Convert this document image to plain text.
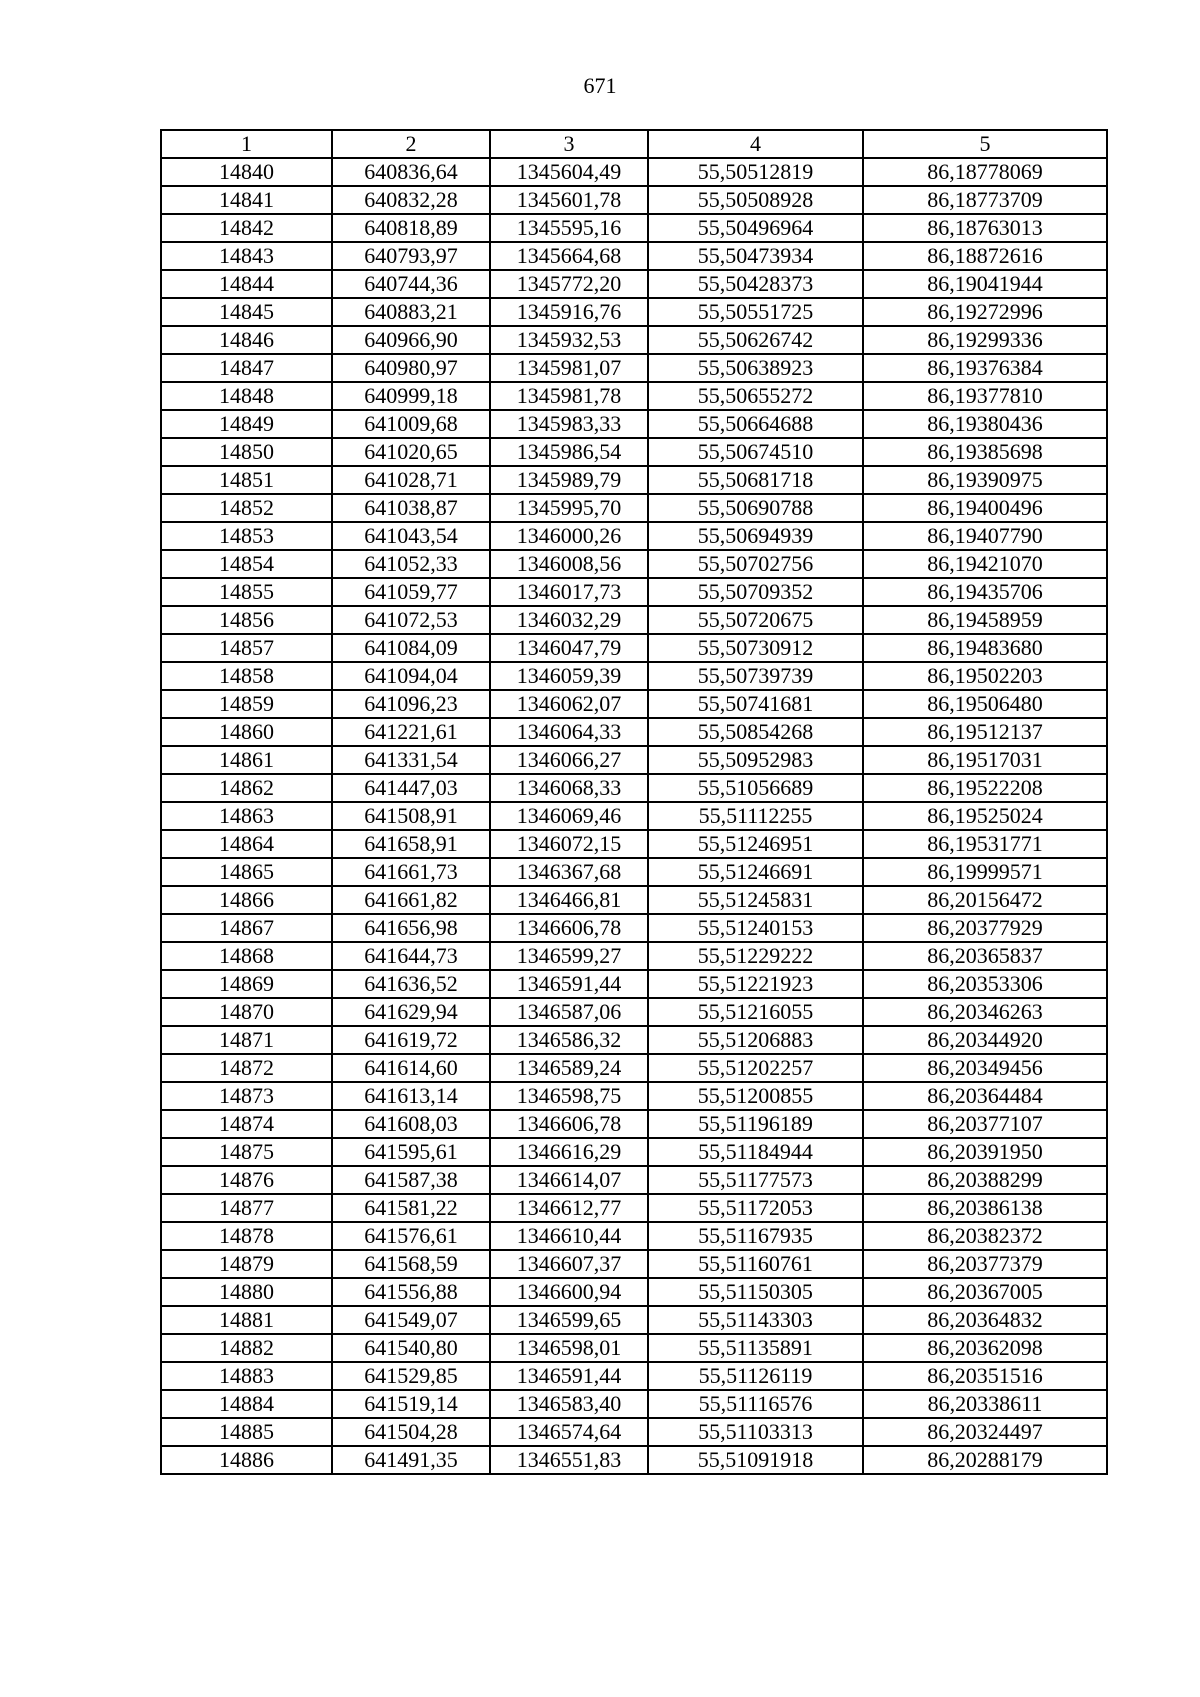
671
1	2	3	4	5
14840	640836,64	1345604,49	55,50512819	86,18778069
14841	640832,28	1345601,78	55,50508928	86,18773709
14842	640818,89	1345595,16	55,50496964	86,18763013
14843	640793,97	1345664,68	55,50473934	86,18872616
14844	640744,36	1345772,20	55,50428373	86,19041944
14845	640883,21	1345916,76	55,50551725	86,19272996
14846	640966,90	1345932,53	55,50626742	86,19299336
14847	640980,97	1345981,07	55,50638923	86,19376384
14848	640999,18	1345981,78	55,50655272	86,19377810
14849	641009,68	1345983,33	55,50664688	86,19380436
14850	641020,65	1345986,54	55,50674510	86,19385698
14851	641028,71	1345989,79	55,50681718	86,19390975
14852	641038,87	1345995,70	55,50690788	86,19400496
14853	641043,54	1346000,26	55,50694939	86,19407790
14854	641052,33	1346008,56	55,50702756	86,19421070
14855	641059,77	1346017,73	55,50709352	86,19435706
14856	641072,53	1346032,29	55,50720675	86,19458959
14857	641084,09	1346047,79	55,50730912	86,19483680
14858	641094,04	1346059,39	55,50739739	86,19502203
14859	641096,23	1346062,07	55,50741681	86,19506480
14860	641221,61	1346064,33	55,50854268	86,19512137
14861	641331,54	1346066,27	55,50952983	86,19517031
14862	641447,03	1346068,33	55,51056689	86,19522208
14863	641508,91	1346069,46	55,51112255	86,19525024
14864	641658,91	1346072,15	55,51246951	86,19531771
14865	641661,73	1346367,68	55,51246691	86,19999571
14866	641661,82	1346466,81	55,51245831	86,20156472
14867	641656,98	1346606,78	55,51240153	86,20377929
14868	641644,73	1346599,27	55,51229222	86,20365837
14869	641636,52	1346591,44	55,51221923	86,20353306
14870	641629,94	1346587,06	55,51216055	86,20346263
14871	641619,72	1346586,32	55,51206883	86,20344920
14872	641614,60	1346589,24	55,51202257	86,20349456
14873	641613,14	1346598,75	55,51200855	86,20364484
14874	641608,03	1346606,78	55,51196189	86,20377107
14875	641595,61	1346616,29	55,51184944	86,20391950
14876	641587,38	1346614,07	55,51177573	86,20388299
14877	641581,22	1346612,77	55,51172053	86,20386138
14878	641576,61	1346610,44	55,51167935	86,20382372
14879	641568,59	1346607,37	55,51160761	86,20377379
14880	641556,88	1346600,94	55,51150305	86,20367005
14881	641549,07	1346599,65	55,51143303	86,20364832
14882	641540,80	1346598,01	55,51135891	86,20362098
14883	641529,85	1346591,44	55,51126119	86,20351516
14884	641519,14	1346583,40	55,51116576	86,20338611
14885	641504,28	1346574,64	55,51103313	86,20324497
14886	641491,35	1346551,83	55,51091918	86,20288179
